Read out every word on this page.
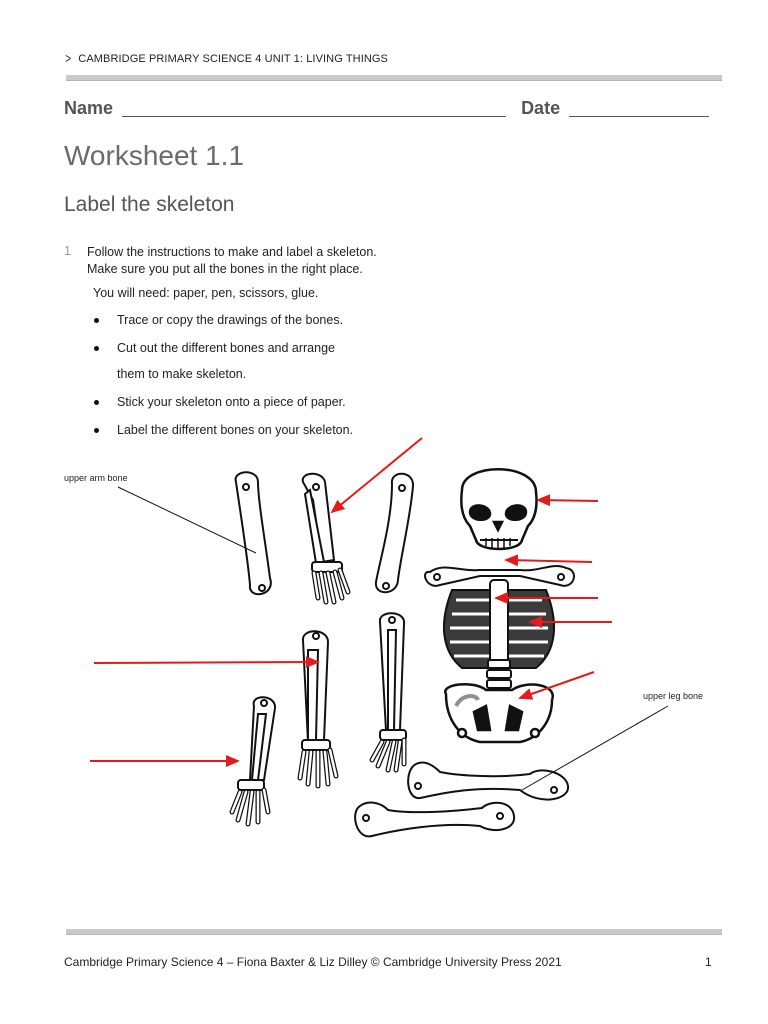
> CAMBRIDGE PRIMARY SCIENCE 4 UNIT 1: LIVING THINGS
Name	Date
Worksheet 1.1
Label the skeleton
1 Follow the instructions to make and label a skeleton.
Make sure you put all the bones in the right place.
You will need: paper, pen, scissors, glue.
Trace or copy the drawings of the bones.
Cut out the different bones and arrange
them to make skeleton.
Stick your skeleton onto a piece of paper.
Label the different bones on your skeleton.
upper arm bone
upper leg bone
Cambridge Primary Science 4 – Fiona Baxter & Liz Dilley © Cambridge University Press 2021	1
